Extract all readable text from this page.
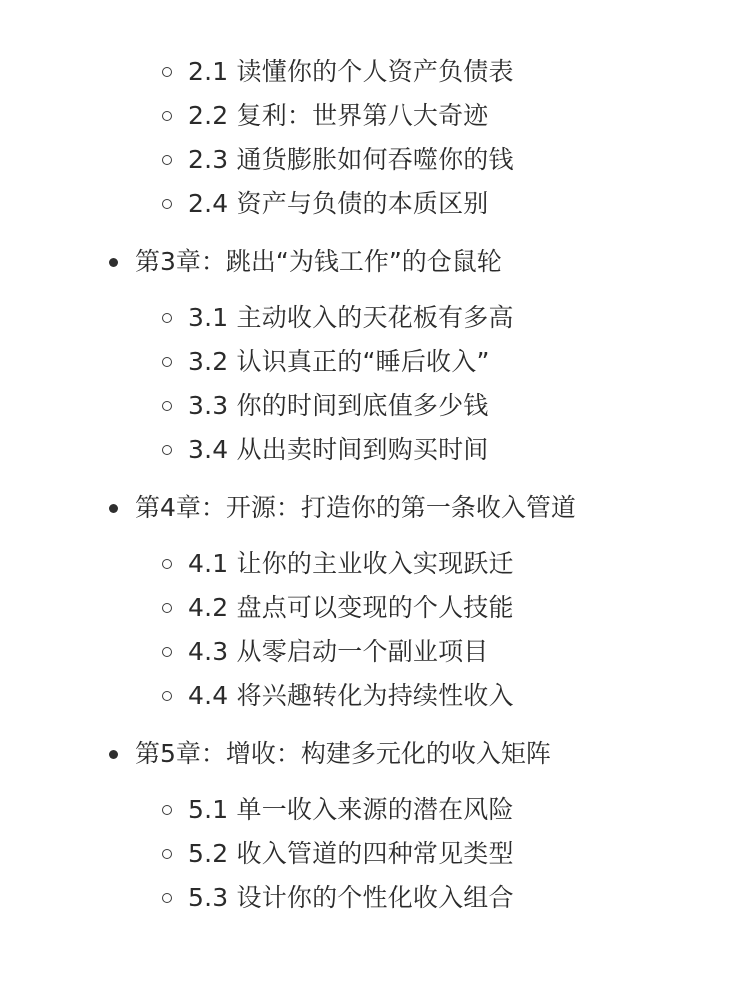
2.1 读懂你的个人资产负债表
2.2 复利：世界第八大奇迹
2.3 通货膨胀如何吞噬你的钱
2.4 资产与负债的本质区别
第3章：跳出“为钱工作”的仓鼠轮
3.1 主动收入的天花板有多高
3.2 认识真正的“睡后收入”
3.3 你的时间到底值多少钱
3.4 从出卖时间到购买时间
第4章：开源：打造你的第一条收入管道
4.1 让你的主业收入实现跃迁
4.2 盘点可以变现的个人技能
4.3 从零启动一个副业项目
4.4 将兴趣转化为持续性收入
第5章：增收：构建多元化的收入矩阵
5.1 单一收入来源的潜在风险
5.2 收入管道的四种常见类型
5.3 设计你的个性化收入组合
